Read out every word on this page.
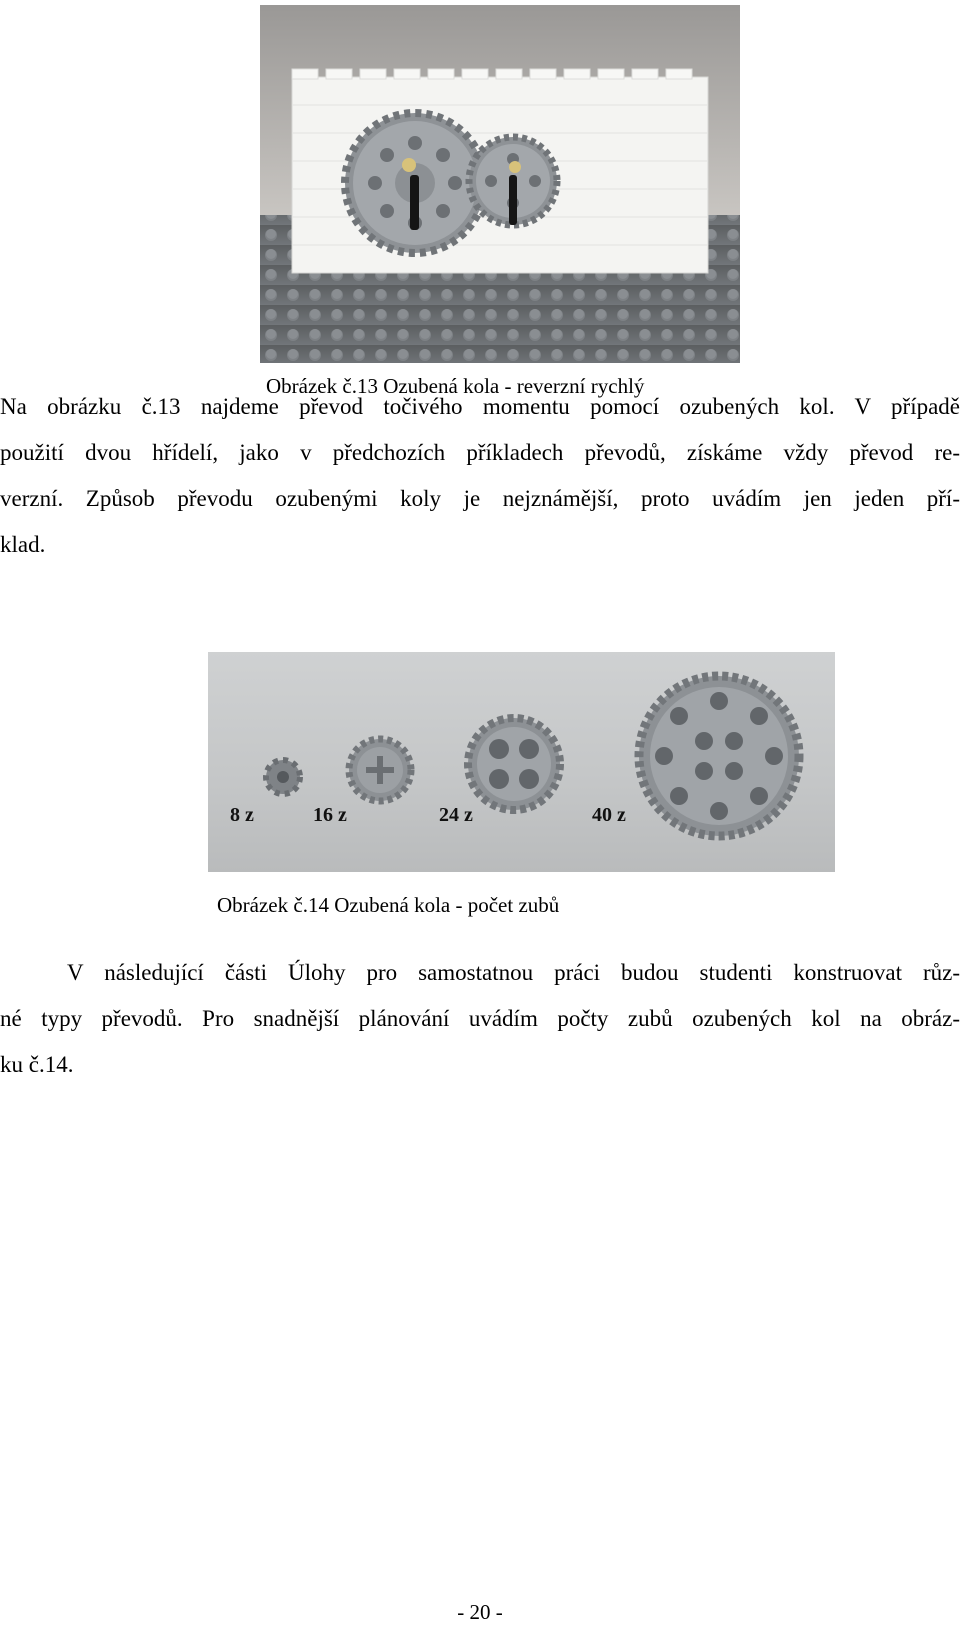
Obrázek č.13 Ozubená kola - reverzní rychlý
Na obrázku č.13 najdeme převod točivého momentu pomocí ozubených kol. V případě
použití dvou hřídelí, jako v předchozích příkladech převodů, získáme vždy převod re-
verzní. Způsob převodu ozubenými koly je nejznámější, proto uvádím jen jeden pří-
klad.
8 z	16 z	24 z	40 z
Obrázek č.14 Ozubená kola - počet zubů
V následující části Úlohy pro samostatnou práci budou studenti konstruovat růz-
né typy převodů. Pro snadnější plánování uvádím počty zubů ozubených kol na obráz-
ku č.14.
- 20 -
